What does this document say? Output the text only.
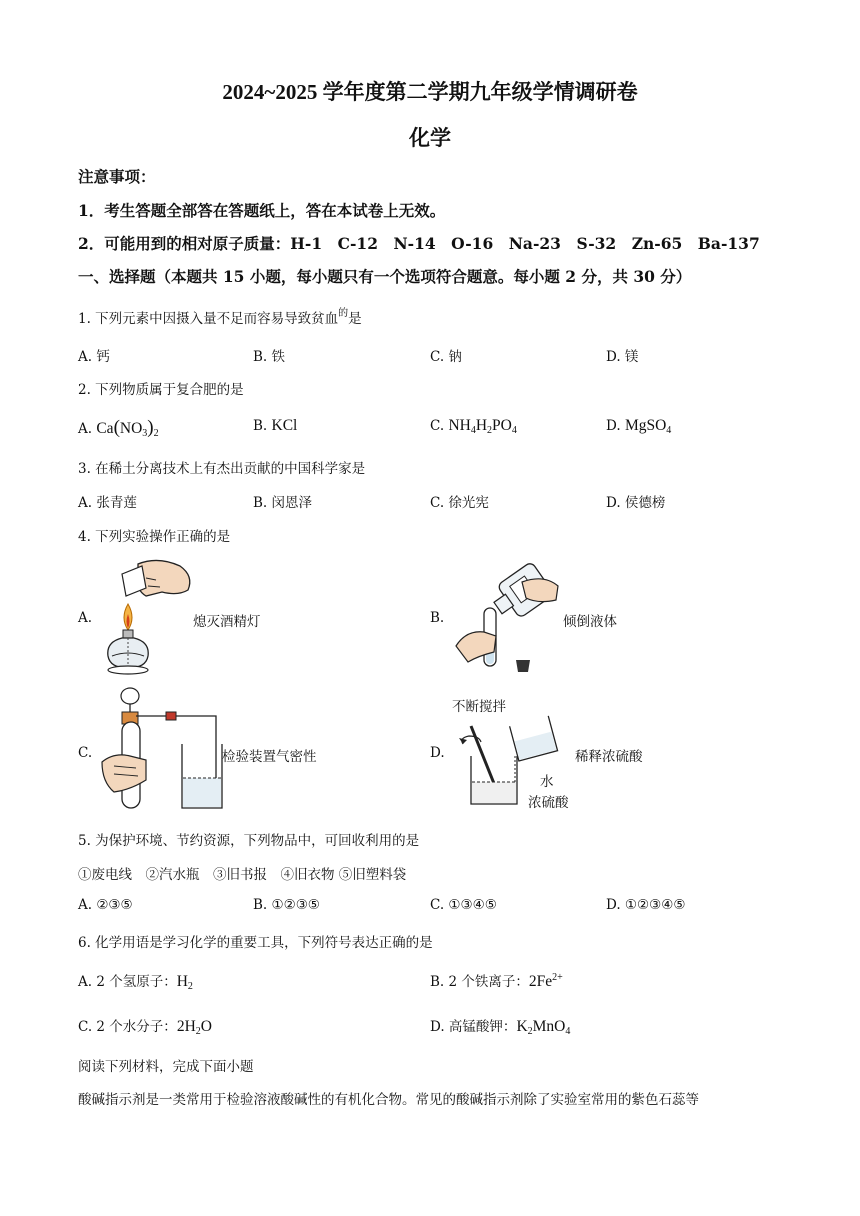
2024~2025 学年度第二学期九年级学情调研卷
化学
注意事项：
1．考生答题全部答在答题纸上，答在本试卷上无效。
2．可能用到的相对原子质量：H-1　C-12　N-14　O-16　Na-23　S-32　Zn-65　Ba-137
一、选择题（本题共 15 小题，每小题只有一个选项符合题意。每小题 2 分，共 30 分）
1. 下列元素中因摄入量不足而容易导致贫血$^的$是
A. 钙	B. 铁	C. 钠	D. 镁
2. 下列物质属于复合肥的是
A. $Ca(NO_3)_2$	B. KCl	C. $NH_4H_2PO_4$	D. MgSO$_4$
3. 在稀土分离技术上有杰出贡献的中国科学家是
A. 张青莲	B. 闵恩泽	C. 徐光宪	D. 侯德榜
4. 下列实验操作正确的是
A.	熄灭酒精灯	B.	倾倒液体
C.	检验装置气密性	D.
不断搅拌
稀释浓硫酸
水
浓硫酸
5. 为保护环境、节约资源，下列物品中，可回收利用的是
①废电线　②汽水瓶　③旧书报　④旧衣物 ⑤旧塑料袋
A. ②③⑤	B. ①②③⑤	C. ①③④⑤	D. ①②③④⑤
6. 化学用语是学习化学的重要工具，下列符号表达正确的是
A. 2 个氢原子：$H_2$	B. 2 个铁离子：$2Fe^{2+}$
C. 2 个水分子：$2H_2O$	D. 高锰酸钾：$K_2MnO_4$
阅读下列材料，完成下面小题
酸碱指示剂是一类常用于检验溶液酸碱性的有机化合物。常见的酸碱指示剂除了实验室常用的紫色石蕊等
